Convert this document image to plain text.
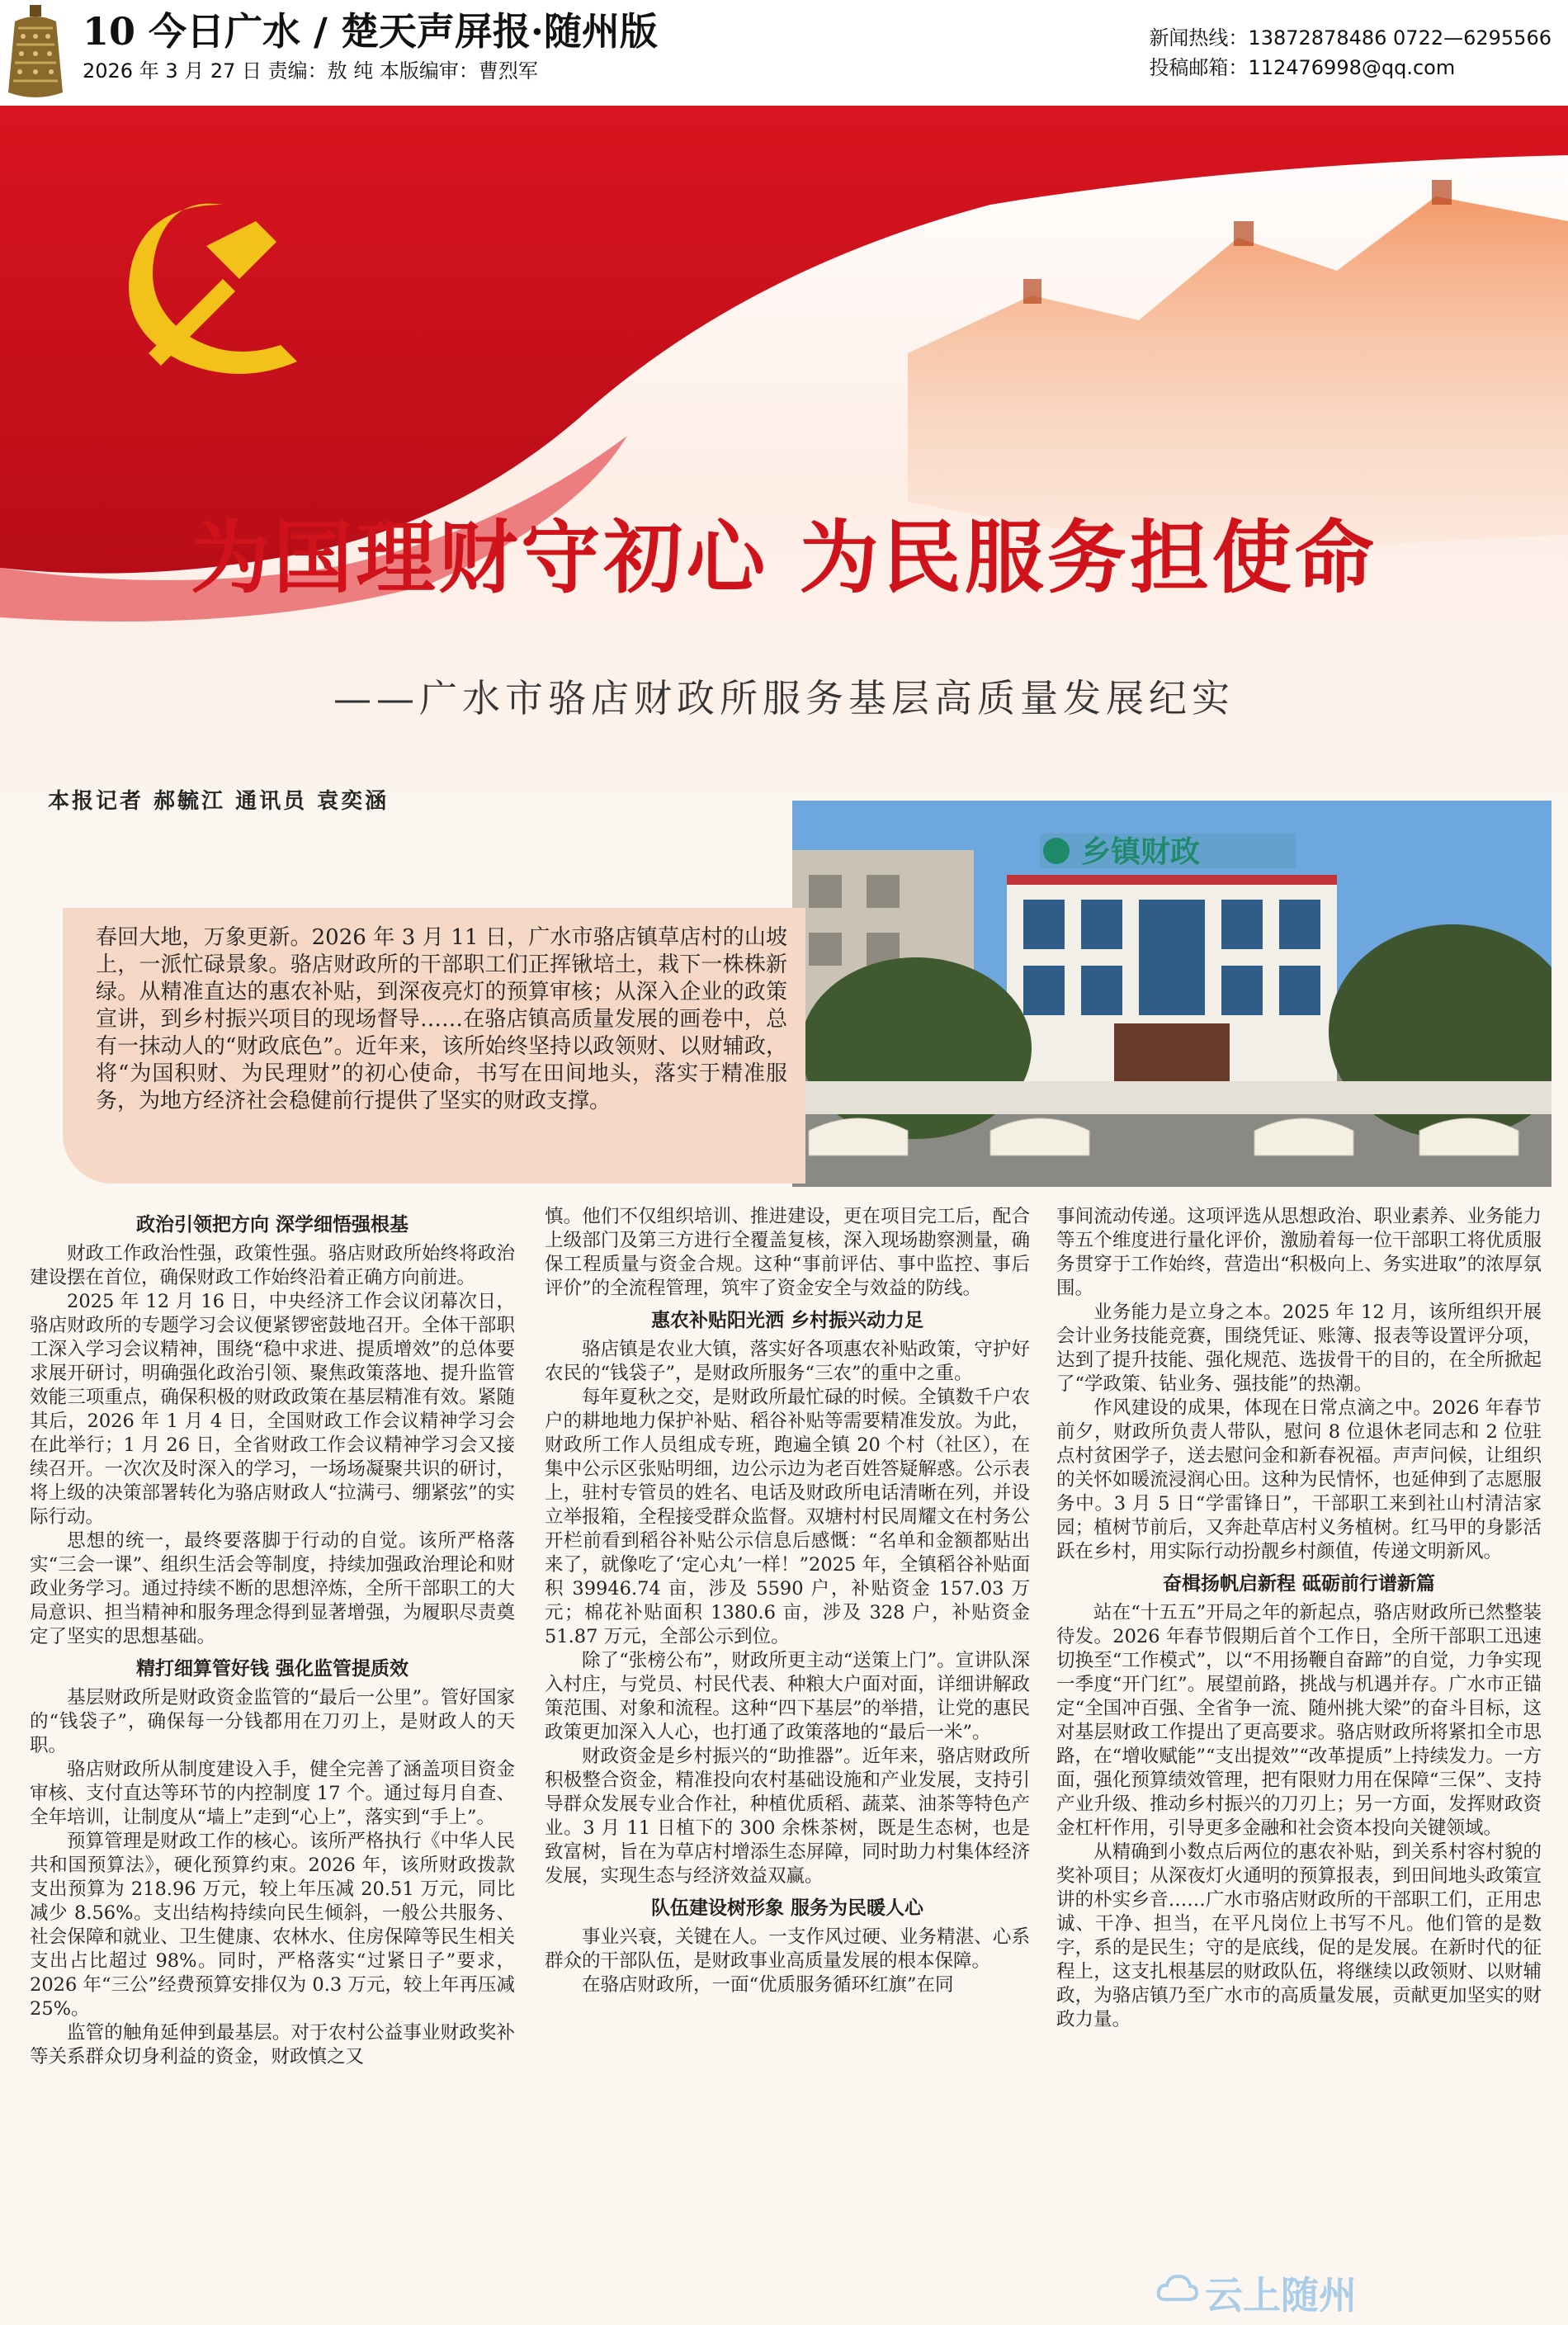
10 今日广水 / 楚天声屏报·随州版
2026 年 3 月 27 日 责编：敖 纯 本版编审：曹烈军
新闻热线：13872878486 0722—6295566
投稿邮箱：112476998@qq.com
为国理财守初心 为民服务担使命
——广水市骆店财政所服务基层高质量发展纪实
本报记者 郝毓江 通讯员 袁奕涵
乡镇财政

春回大地，万象更新。2026 年 3 月 11 日，广水市骆店镇草店村的山坡上，一派忙碌景象。骆店财政所的干部职工们正挥锹培土，栽下一株株新绿。从精准直达的惠农补贴，到深夜亮灯的预算审核；从深入企业的政策宣讲，到乡村振兴项目的现场督导……在骆店镇高质量发展的画卷中，总有一抹动人的“财政底色”。近年来，该所始终坚持以政领财、以财辅政，将“为国积财、为民理财”的初心使命，书写在田间地头，落实于精准服务，为地方经济社会稳健前行提供了坚实的财政支撑。

政治引领把方向 深学细悟强根基

财政工作政治性强，政策性强。骆店财政所始终将政治建设摆在首位，确保财政工作始终沿着正确方向前进。

2025 年 12 月 16 日，中央经济工作会议闭幕次日，骆店财政所的专题学习会议便紧锣密鼓地召开。全体干部职工深入学习会议精神，围绕“稳中求进、提质增效”的总体要求展开研讨，明确强化政治引领、聚焦政策落地、提升监管效能三项重点，确保积极的财政政策在基层精准有效。紧随其后，2026 年 1 月 4 日，全国财政工作会议精神学习会在此举行；1 月 26 日，全省财政工作会议精神学习会又接续召开。一次次及时深入的学习，一场场凝聚共识的研讨，将上级的决策部署转化为骆店财政人“拉满弓、绷紧弦”的实际行动。

思想的统一，最终要落脚于行动的自觉。该所严格落实“三会一课”、组织生活会等制度，持续加强政治理论和财政业务学习。通过持续不断的思想淬炼，全所干部职工的大局意识、担当精神和服务理念得到显著增强，为履职尽责奠定了坚实的思想基础。

精打细算管好钱 强化监管提质效

基层财政所是财政资金监管的“最后一公里”。管好国家的“钱袋子”，确保每一分钱都用在刀刃上，是财政人的天职。

骆店财政所从制度建设入手，健全完善了涵盖项目资金审核、支付直达等环节的内控制度 17 个。通过每月自查、全年培训，让制度从“墙上”走到“心上”，落实到“手上”。

预算管理是财政工作的核心。该所严格执行《中华人民共和国预算法》，硬化预算约束。2026 年，该所财政拨款支出预算为 218.96 万元，较上年压减 20.51 万元，同比减少 8.56%。支出结构持续向民生倾斜，一般公共服务、社会保障和就业、卫生健康、农林水、住房保障等民生相关支出占比超过 98%。同时，严格落实“过紧日子”要求，2026 年“三公”经费预算安排仅为 0.3 万元，较上年再压减 25%。

监管的触角延伸到最基层。对于农村公益事业财政奖补等关系群众切身利益的资金，财政慎之又

慎。他们不仅组织培训、推进建设，更在项目完工后，配合上级部门及第三方进行全覆盖复核，深入现场勘察测量，确保工程质量与资金合规。这种“事前评估、事中监控、事后评价”的全流程管理，筑牢了资金安全与效益的防线。

惠农补贴阳光洒 乡村振兴动力足

骆店镇是农业大镇，落实好各项惠农补贴政策，守护好农民的“钱袋子”，是财政所服务“三农”的重中之重。

每年夏秋之交，是财政所最忙碌的时候。全镇数千户农户的耕地地力保护补贴、稻谷补贴等需要精准发放。为此，财政所工作人员组成专班，跑遍全镇 20 个村（社区），在集中公示区张贴明细，边公示边为老百姓答疑解惑。公示表上，驻村专管员的姓名、电话及财政所电话清晰在列，并设立举报箱，全程接受群众监督。双塘村村民周耀文在村务公开栏前看到稻谷补贴公示信息后感慨：“名单和金额都贴出来了，就像吃了‘定心丸’一样！”2025 年，全镇稻谷补贴面积 39946.74 亩，涉及 5590 户，补贴资金 157.03 万元；棉花补贴面积 1380.6 亩，涉及 328 户，补贴资金 51.87 万元，全部公示到位。

除了“张榜公布”，财政所更主动“送策上门”。宣讲队深入村庄，与党员、村民代表、种粮大户面对面，详细讲解政策范围、对象和流程。这种“四下基层”的举措，让党的惠民政策更加深入人心，也打通了政策落地的“最后一米”。

财政资金是乡村振兴的“助推器”。近年来，骆店财政所积极整合资金，精准投向农村基础设施和产业发展，支持引导群众发展专业合作社，种植优质稻、蔬菜、油茶等特色产业。3 月 11 日植下的 300 余株茶树，既是生态树，也是致富树，旨在为草店村增添生态屏障，同时助力村集体经济发展，实现生态与经济效益双赢。

队伍建设树形象 服务为民暖人心

事业兴衰，关键在人。一支作风过硬、业务精湛、心系群众的干部队伍，是财政事业高质量发展的根本保障。

在骆店财政所，一面“优质服务循环红旗”在同

事间流动传递。这项评选从思想政治、职业素养、业务能力等五个维度进行量化评价，激励着每一位干部职工将优质服务贯穿于工作始终，营造出“积极向上、务实进取”的浓厚氛围。

业务能力是立身之本。2025 年 12 月，该所组织开展会计业务技能竞赛，围绕凭证、账簿、报表等设置评分项，达到了提升技能、强化规范、选拔骨干的目的，在全所掀起了“学政策、钻业务、强技能”的热潮。

作风建设的成果，体现在日常点滴之中。2026 年春节前夕，财政所负责人带队，慰问 8 位退休老同志和 2 位驻点村贫困学子，送去慰问金和新春祝福。声声问候，让组织的关怀如暖流浸润心田。这种为民情怀，也延伸到了志愿服务中。3 月 5 日“学雷锋日”，干部职工来到社山村清洁家园；植树节前后，又奔赴草店村义务植树。红马甲的身影活跃在乡村，用实际行动扮靓乡村颜值，传递文明新风。

奋楫扬帆启新程 砥砺前行谱新篇

站在“十五五”开局之年的新起点，骆店财政所已然整装待发。2026 年春节假期后首个工作日，全所干部职工迅速切换至“工作模式”，以“不用扬鞭自奋蹄”的自觉，力争实现一季度“开门红”。展望前路，挑战与机遇并存。广水市正锚定“全国冲百强、全省争一流、随州挑大梁”的奋斗目标，这对基层财政工作提出了更高要求。骆店财政所将紧扣全市思路，在“增收赋能”“支出提效”“改革提质”上持续发力。一方面，强化预算绩效管理，把有限财力用在保障“三保”、支持产业升级、推动乡村振兴的刀刃上；另一方面，发挥财政资金杠杆作用，引导更多金融和社会资本投向关键领域。

从精确到小数点后两位的惠农补贴，到关系村容村貌的奖补项目；从深夜灯火通明的预算报表，到田间地头政策宣讲的朴实乡音……广水市骆店财政所的干部职工们，正用忠诚、干净、担当，在平凡岗位上书写不凡。他们管的是数字，系的是民生；守的是底线，促的是发展。在新时代的征程上，这支扎根基层的财政队伍，将继续以政领财、以财辅政，为骆店镇乃至广水市的高质量发展，贡献更加坚实的财政力量。

云上随州
